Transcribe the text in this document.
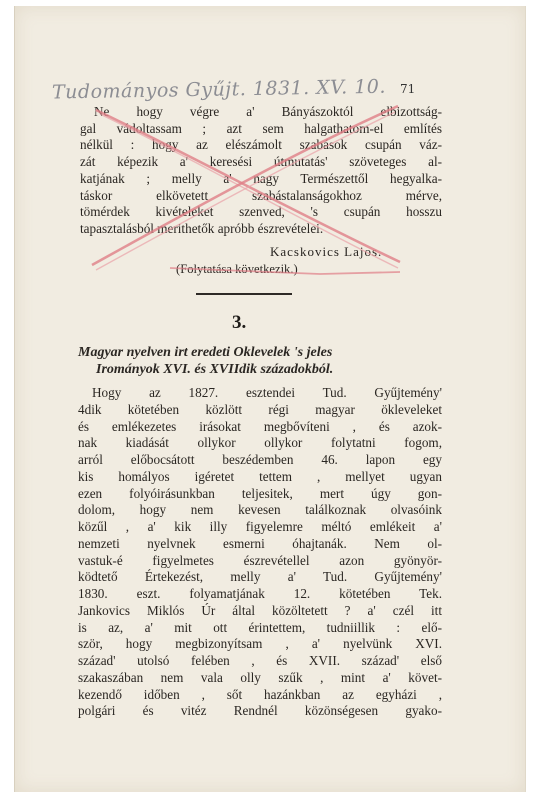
Tudományos Gyűjt. 1831. XV. 10.	71
Ne hogy végre a' Bányászoktól elbizottság-
gal vádoltassam ; azt sem halgathatom-el említés
nélkül : hogy az elészámolt szabások csupán váz-
zát képezik a' keresési útmutatás' szöveteges al-
katjának ; melly a' nagy Természettől hegyalka-
táskor elkövetett szabástalanságokhoz mérve,
tömérdek kivételeket szenved, 's csupán hosszu
tapasztalásból merithetők apróbb észrevételei.
Kacskovics Lajos.
(Folytatása következik.)
3.
Magyar nyelven irt eredeti Oklevelek 's jeles
Irományok XVI. és XVIIdik századokból.
Hogy az 1827. esztendei Tud. Gyűjtemény'
4dik kötetében közlött régi magyar ökleveleket
és emlékezetes irásokat megbővíteni , és azok-
nak kiadását ollykor ollykor folytatni fogom,
arról előbocsátott beszédemben 46. lapon egy
kis homályos igéretet tettem , mellyet ugyan
ezen folyóirásunkban teljesitek, mert úgy gon-
dolom, hogy nem kevesen találkoznak olvasóink
közűl , a' kik illy figyelemre méltó emlékeit a'
nemzeti nyelvnek esmerni óhajtanák. Nem ol-
vastuk-é figyelmetes észrevétellel azon gyönyör-
ködtető Értekezést, melly a' Tud. Gyűjtemény'
1830. eszt. folyamatjának 12. kötetében Tek.
Jankovics Miklós Úr által közöltetett ? a' czél itt
is az, a' mit ott érintettem, tudniillik : elő-
ször, hogy megbizonyítsam , a' nyelvünk XVI.
század' utolsó felében , és XVII. század' első
szakaszában nem vala olly szűk , mint a' követ-
kezendő időben , sőt hazánkban az egyházi ,
polgári és vitéz Rendnél közönségesen gyako-
